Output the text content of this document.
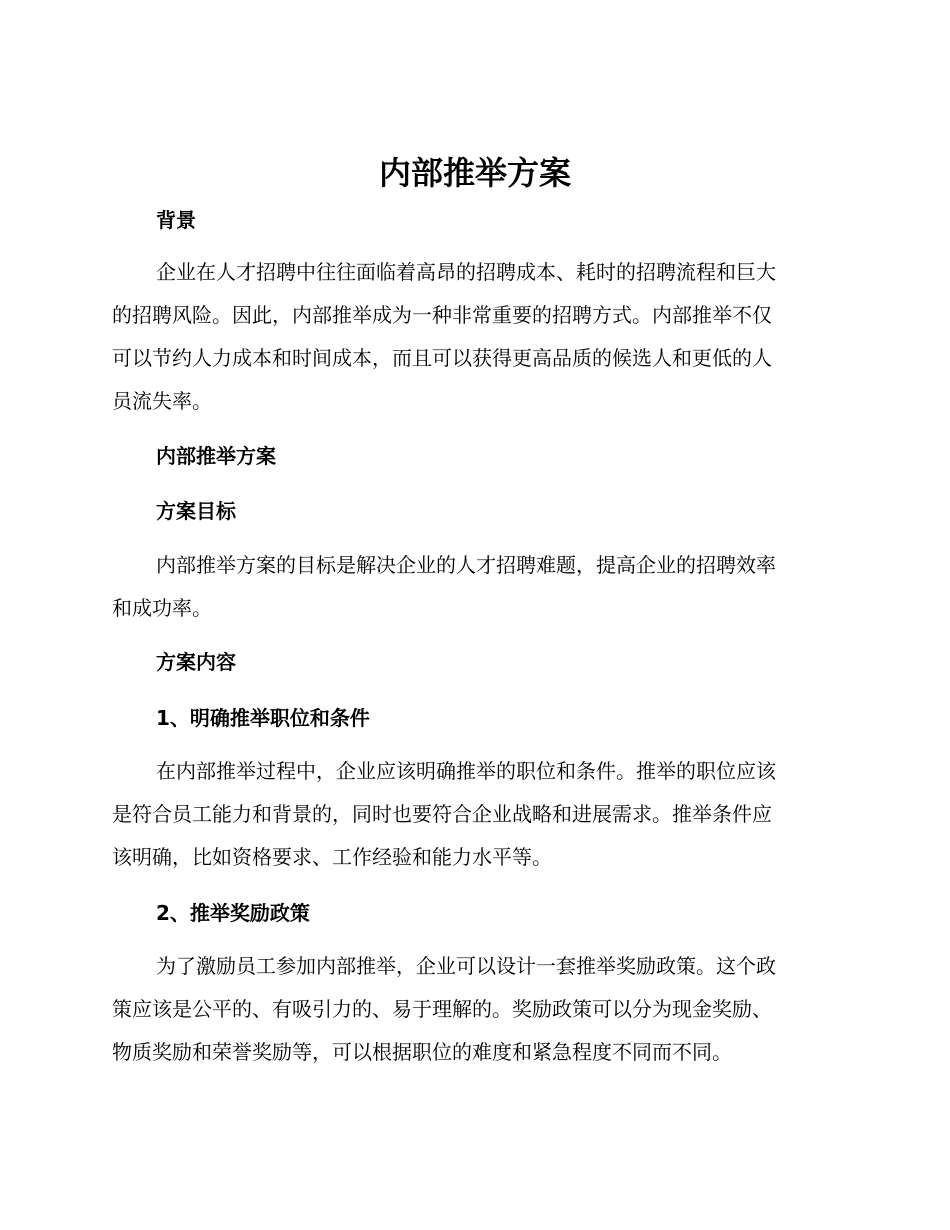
内部推举方案
背景
企业在人才招聘中往往面临着高昂的招聘成本、耗时的招聘流程和巨大
的招聘风险。因此，内部推举成为一种非常重要的招聘方式。内部推举不仅
可以节约人力成本和时间成本，而且可以获得更高品质的候选人和更低的人
员流失率。
内部推举方案
方案目标
内部推举方案的目标是解决企业的人才招聘难题，提高企业的招聘效率
和成功率。
方案内容
1、明确推举职位和条件
在内部推举过程中，企业应该明确推举的职位和条件。推举的职位应该
是符合员工能力和背景的，同时也要符合企业战略和进展需求。推举条件应
该明确，比如资格要求、工作经验和能力水平等。
2、推举奖励政策
为了激励员工参加内部推举，企业可以设计一套推举奖励政策。这个政
策应该是公平的、有吸引力的、易于理解的。奖励政策可以分为现金奖励、
物质奖励和荣誉奖励等，可以根据职位的难度和紧急程度不同而不同。
